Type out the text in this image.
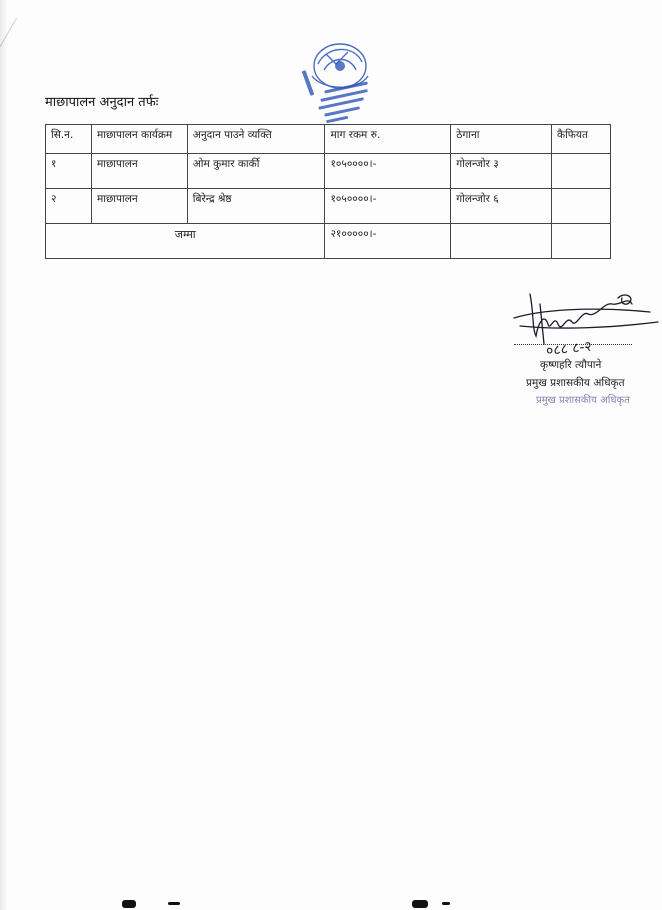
माछापालन अनुदान तर्फः
सि.न.	माछापालन कार्यक्रम	अनुदान पाउने व्यक्ति	माग रकम रु.	ठेगाना	कैफियत
१	माछापालन	ओम कुमार कार्की	१०५००००।-	गोलन्जोर ३	
२	माछापालन	बिरेन्द्र श्रेष्ठ	१०५००००।-	गोलन्जोर ६	
जम्मा			२१०००००।-		
०८८ ८-२
कृष्णहरि त्यौपाने
प्रमुख प्रशासकीय अधिकृत
प्रमुख प्रशासकीय अधिकृत
